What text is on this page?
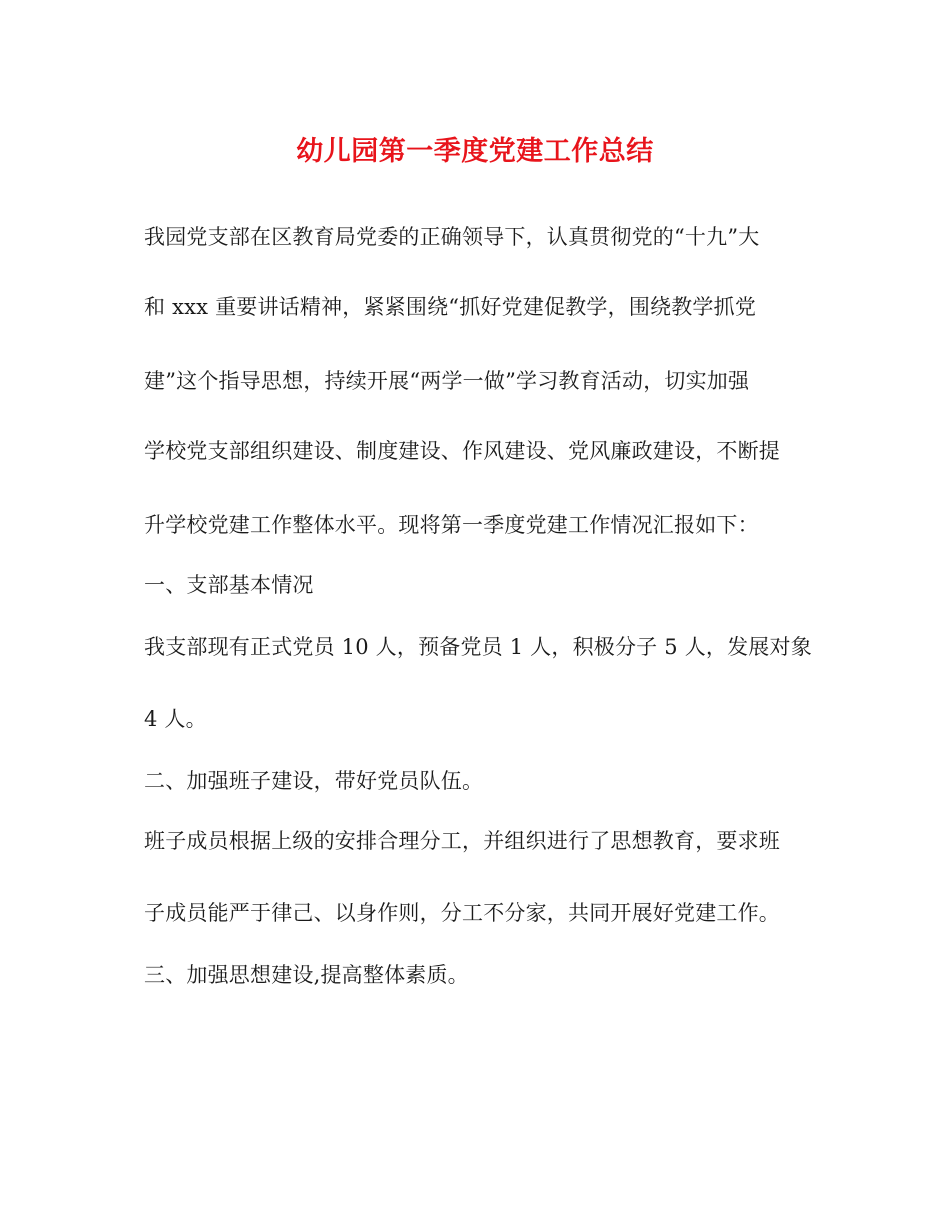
幼儿园第一季度党建工作总结
我园党支部在区教育局党委的正确领导下，认真贯彻党的“十九”大
和 xxx 重要讲话精神，紧紧围绕“抓好党建促教学，围绕教学抓党
建”这个指导思想，持续开展“两学一做”学习教育活动，切实加强
学校党支部组织建设、制度建设、作风建设、党风廉政建设，不断提
升学校党建工作整体水平。现将第一季度党建工作情况汇报如下：
一、支部基本情况
我支部现有正式党员 10 人，预备党员 1 人，积极分子 5 人，发展对象
4 人。
二、加强班子建设，带好党员队伍。
班子成员根据上级的安排合理分工，并组织进行了思想教育，要求班
子成员能严于律己、以身作则，分工不分家，共同开展好党建工作。
三、加强思想建设,提高整体素质。
